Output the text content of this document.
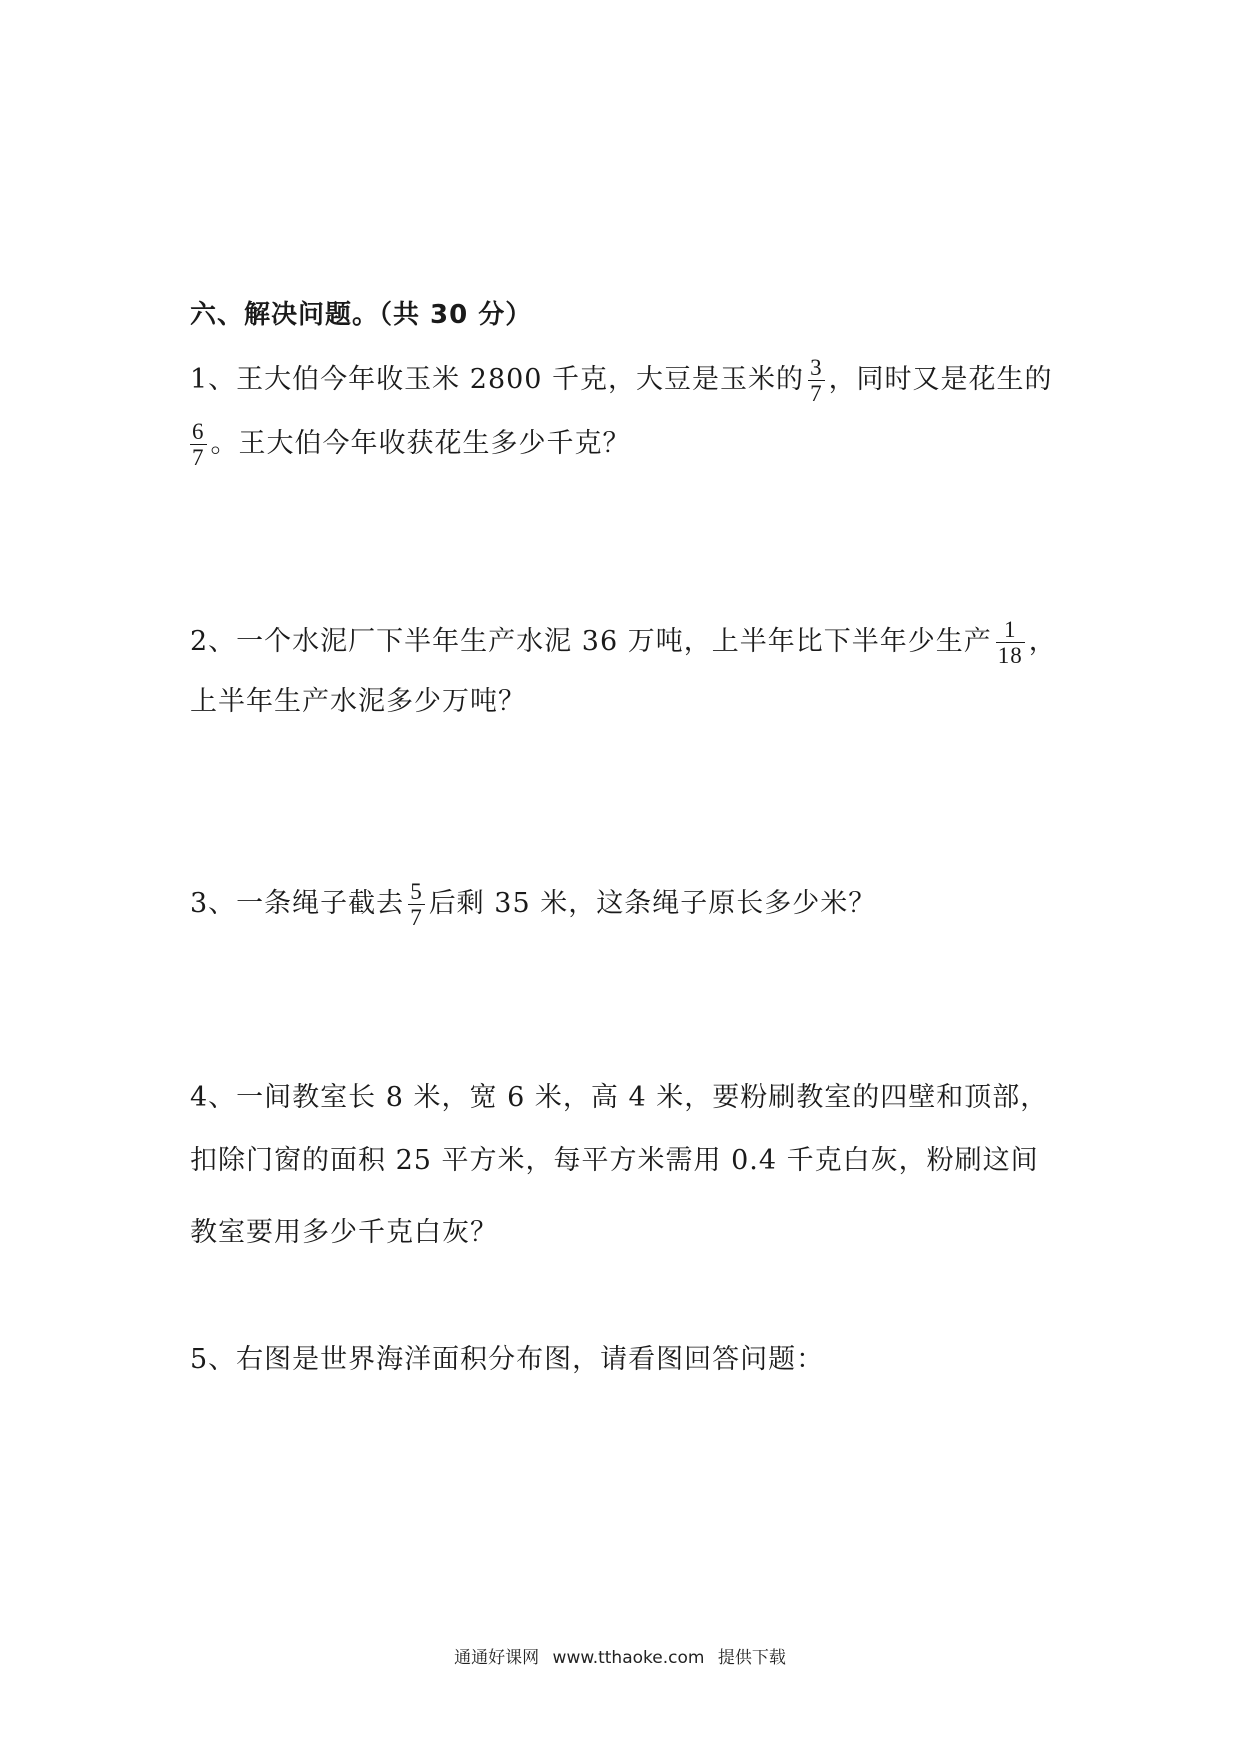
六、解决问题。（共 30 分）
1、王大伯今年收玉米 2800 千克，大豆是玉米的 $\frac{3}{7}$ ，同时又是花生的
$\frac{6}{7}$ 。王大伯今年收获花生多少千克？
2、一个水泥厂下半年生产水泥 36 万吨，上半年比下半年少生产 $\frac{1}{18}$ ，
上半年生产水泥多少万吨？
3、一条绳子截去 $\frac{5}{7}$ 后剩 35 米，这条绳子原长多少米？
4、一间教室长 8 米，宽 6 米，高 4 米，要粉刷教室的四壁和顶部，
扣除门窗的面积 25 平方米，每平方米需用 0.4 千克白灰，粉刷这间
教室要用多少千克白灰？
5、右图是世界海洋面积分布图，请看图回答问题：
通通好课网 www.tthaoke.com 提供下载
